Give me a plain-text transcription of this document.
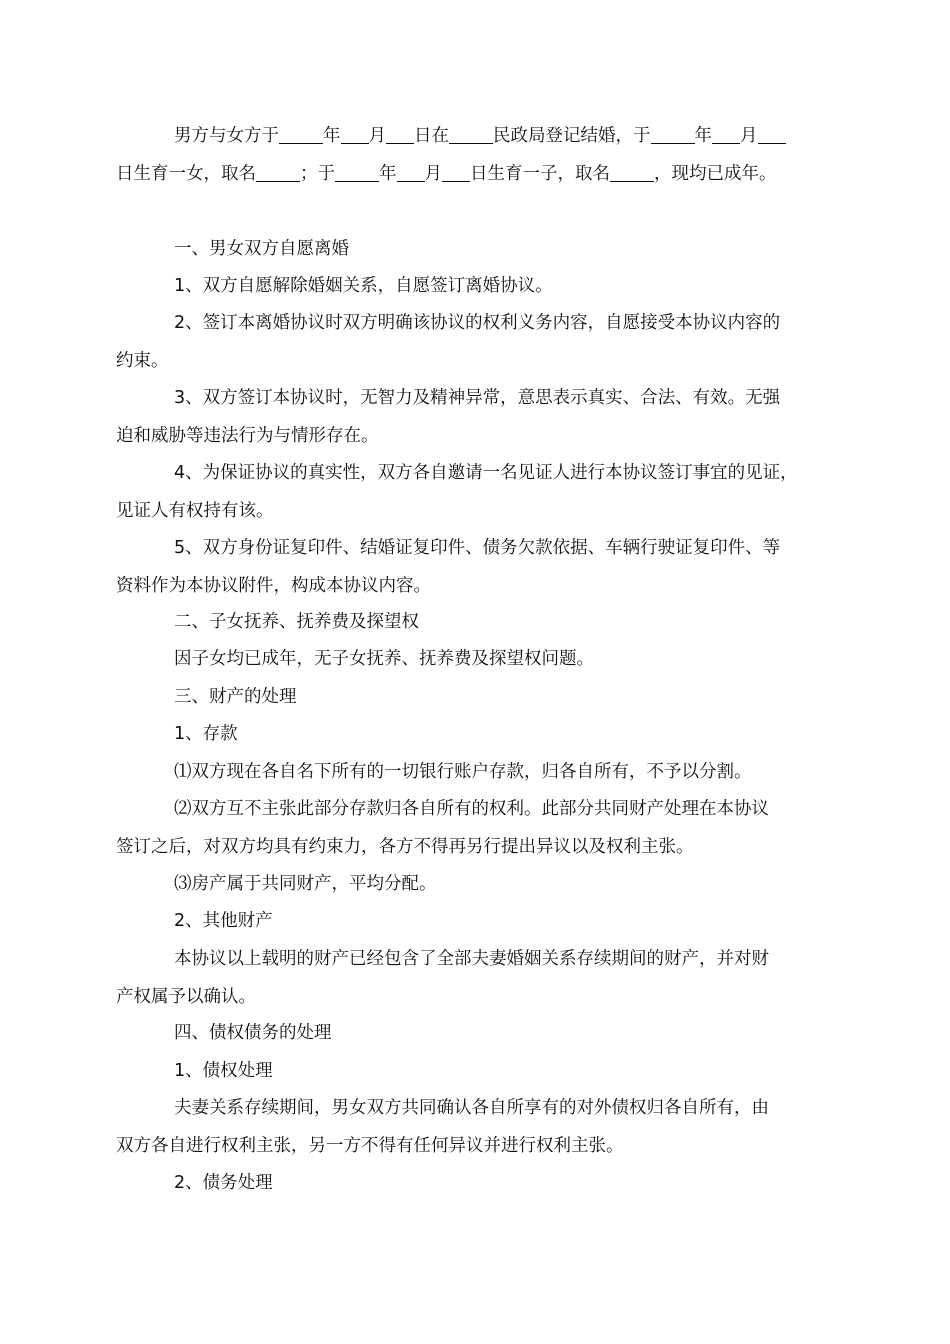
男方与女方于	年 月 日在	民政局登记结婚，于	年 月
日生育一女，取名	；于	年 月 日生育一子，取名	，现均已成年。
一、男女双方自愿离婚
1、双方自愿解除婚姻关系，自愿签订离婚协议。
2、签订本离婚协议时双方明确该协议的权利义务内容，自愿接受本协议内容的
约束。
3、双方签订本协议时，无智力及精神异常，意思表示真实、合法、有效。无强
迫和威胁等违法行为与情形存在。
4、为保证协议的真实性，双方各自邀请一名见证人进行本协议签订事宜的见证，
见证人有权持有该。
5、双方身份证复印件、结婚证复印件、债务欠款依据、车辆行驶证复印件、等
资料作为本协议附件，构成本协议内容。
二、子女抚养、抚养费及探望权
因子女均已成年，无子女抚养、抚养费及探望权问题。
三、财产的处理
1、存款
⑴双方现在各自名下所有的一切银行账户存款，归各自所有，不予以分割。
⑵双方互不主张此部分存款归各自所有的权利。此部分共同财产处理在本协议
签订之后，对双方均具有约束力，各方不得再另行提出异议以及权利主张。
⑶房产属于共同财产，平均分配。
2、其他财产
本协议以上载明的财产已经包含了全部夫妻婚姻关系存续期间的财产，并对财
产权属予以确认。
四、债权债务的处理
1、债权处理
夫妻关系存续期间，男女双方共同确认各自所享有的对外债权归各自所有，由
双方各自进行权利主张，另一方不得有任何异议并进行权利主张。
2、债务处理
